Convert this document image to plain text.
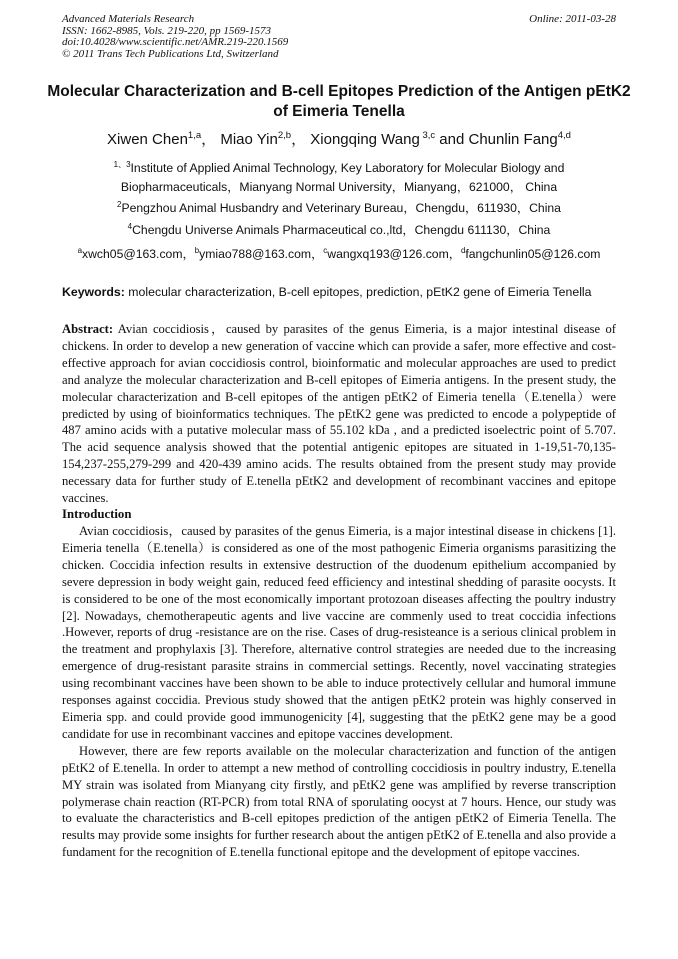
Advanced Materials Research
ISSN: 1662-8985, Vols. 219-220, pp 1569-1573
doi:10.4028/www.scientific.net/AMR.219-220.1569
© 2011 Trans Tech Publications Ltd, Switzerland
Online: 2011-03-28
Molecular Characterization and B-cell Epitopes Prediction of the Antigen pEtK2 of Eimeria Tenella
Xiwen Chen$^{1,a}$， Miao Yin$^{2,b}$， Xiongqing Wang $^{3,c}$ and Chunlin Fang$^{4,d}$
$^{1、3}$Institute of Applied Animal Technology, Key Laboratory for Molecular Biology and
Biopharmaceuticals，Mianyang Normal University，Mianyang，621000， China
$^2$Pengzhou Animal Husbandry and Veterinary Bureau，Chengdu，611930，China
$^4$Chengdu Universe Animals Pharmaceutical co.,ltd，Chengdu 611130，China
$^a$xwch05@163.com，$^b$ymiao788@163.com，$^c$wangxq193@126.com，$^d$fangchunlin05@126.com
Keywords: molecular characterization, B-cell epitopes, prediction, pEtK2 gene of Eimeria Tenella

Abstract: Avian coccidiosis，caused by parasites of the genus Eimeria, is a major intestinal disease of chickens. In order to develop a new generation of vaccine which can provide a safer, more effective and cost-effective approach for avian coccidiosis control, bioinformatic and molecular approaches are used to predict and analyze the molecular characterization and B-cell epitopes of Eimeria antigens. In the present study, the molecular characterization and B-cell epitopes of the antigen pEtK2 of Eimeria tenella（E.tenella）were predicted by using of bioinformatics techniques. The pEtK2 gene was predicted to encode a polypeptide of 487 amino acids with a putative molecular mass of 55.102 kDa , and a predicted isoelectric point of 5.707. The acid sequence analysis showed that the potential antigenic epitopes are situated in 1-19,51-70,135-154,237-255,279-299 and 420-439 amino acids. The results obtained from the present study may provide necessary data for further study of E.tenella pEtK2 and development of recombinant vaccines and epitope vaccines.

Introduction

Avian coccidiosis，caused by parasites of the genus Eimeria, is a major intestinal disease in chickens [1]. Eimeria tenella（E.tenella）is considered as one of the most pathogenic Eimeria organisms parasitizing the chicken. Coccidia infection results in extensive destruction of the duodenum epithelium accompanied by severe depression in body weight gain, reduced feed efficiency and intestinal shedding of parasite oocysts. It is considered to be one of the most economically important protozoan diseases affecting the poultry industry [2]. Nowadays, chemotherapeutic agents and live vaccine are commenly used to treat coccidia infections .However, reports of drug -resistance are on the rise. Cases of drug-resisteance is a serious clinical problem in the treatment and prophylaxis [3]. Therefore, alternative control strategies are needed due to the increasing emergence of drug-resistant parasite strains in commercial settings. Recently, novel vaccinating strategies using recombinant vaccines have been shown to be able to induce protectively cellular and humoral immune responses against coccidia. Previous study showed that the antigen pEtK2 protein was highly conserved in Eimeria spp. and could provide good immunogenicity [4], suggesting that the pEtK2 gene may be a good candidate for use in recombinant vaccines and epitope vaccines development.

However, there are few reports available on the molecular characterization and function of the antigen pEtK2 of E.tenella. In order to attempt a new method of controlling coccidiosis in poultry industry, E.tenella MY strain was isolated from Mianyang city firstly, and pEtK2 gene was amplified by reverse transcription polymerase chain reaction (RT-PCR) from total RNA of sporulating oocyst at 7 hours. Hence, our study was to evaluate the characteristics and B-cell epitopes prediction of the antigen pEtK2 of Eimeria Tenella. The results may provide some insights for further research about the antigen pEtK2 of E.tenella and also provide a fundament for the recognition of E.tenella functional epitope and the development of epitope vaccines.
